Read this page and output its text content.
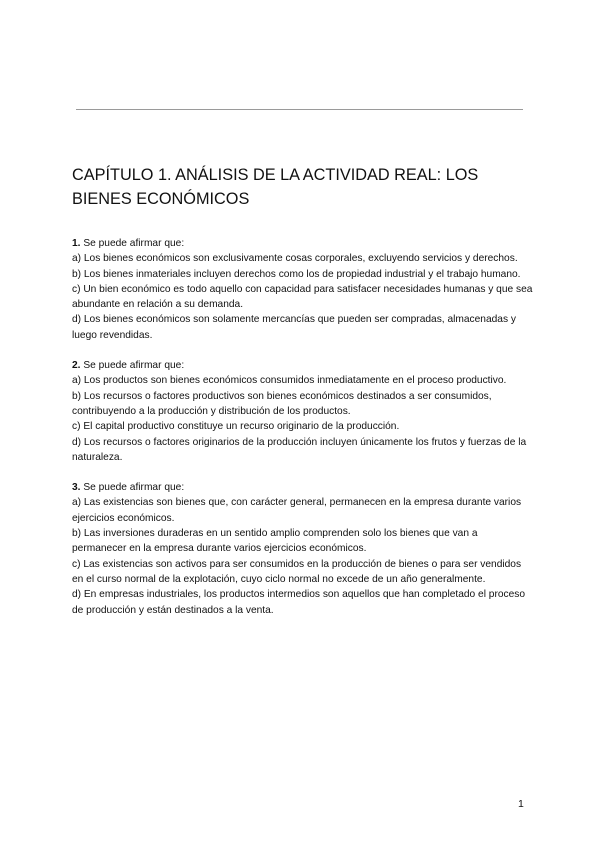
CAPÍTULO 1. ANÁLISIS DE LA ACTIVIDAD REAL: LOS BIENES ECONÓMICOS

1. Se puede afirmar que:

a) Los bienes económicos son exclusivamente cosas corporales, excluyendo servicios y derechos.

b) Los bienes inmateriales incluyen derechos como los de propiedad industrial y el trabajo humano.

c) Un bien económico es todo aquello con capacidad para satisfacer necesidades humanas y que sea abundante en relación a su demanda.

d) Los bienes económicos son solamente mercancías que pueden ser compradas, almacenadas y luego revendidas.

2. Se puede afirmar que:

a) Los productos son bienes económicos consumidos inmediatamente en el proceso productivo.

b) Los recursos o factores productivos son bienes económicos destinados a ser consumidos, contribuyendo a la producción y distribución de los productos.

c) El capital productivo constituye un recurso originario de la producción.

d) Los recursos o factores originarios de la producción incluyen únicamente los frutos y fuerzas de la naturaleza.

3. Se puede afirmar que:

a) Las existencias son bienes que, con carácter general, permanecen en la empresa durante varios ejercicios económicos.

b) Las inversiones duraderas en un sentido amplio comprenden solo los bienes que van a permanecer en la empresa durante varios ejercicios económicos.

c) Las existencias son activos para ser consumidos en la producción de bienes o para ser vendidos en el curso normal de la explotación, cuyo ciclo normal no excede de un año generalmente.

d) En empresas industriales, los productos intermedios son aquellos que han completado el proceso de producción y están destinados a la venta.

1
